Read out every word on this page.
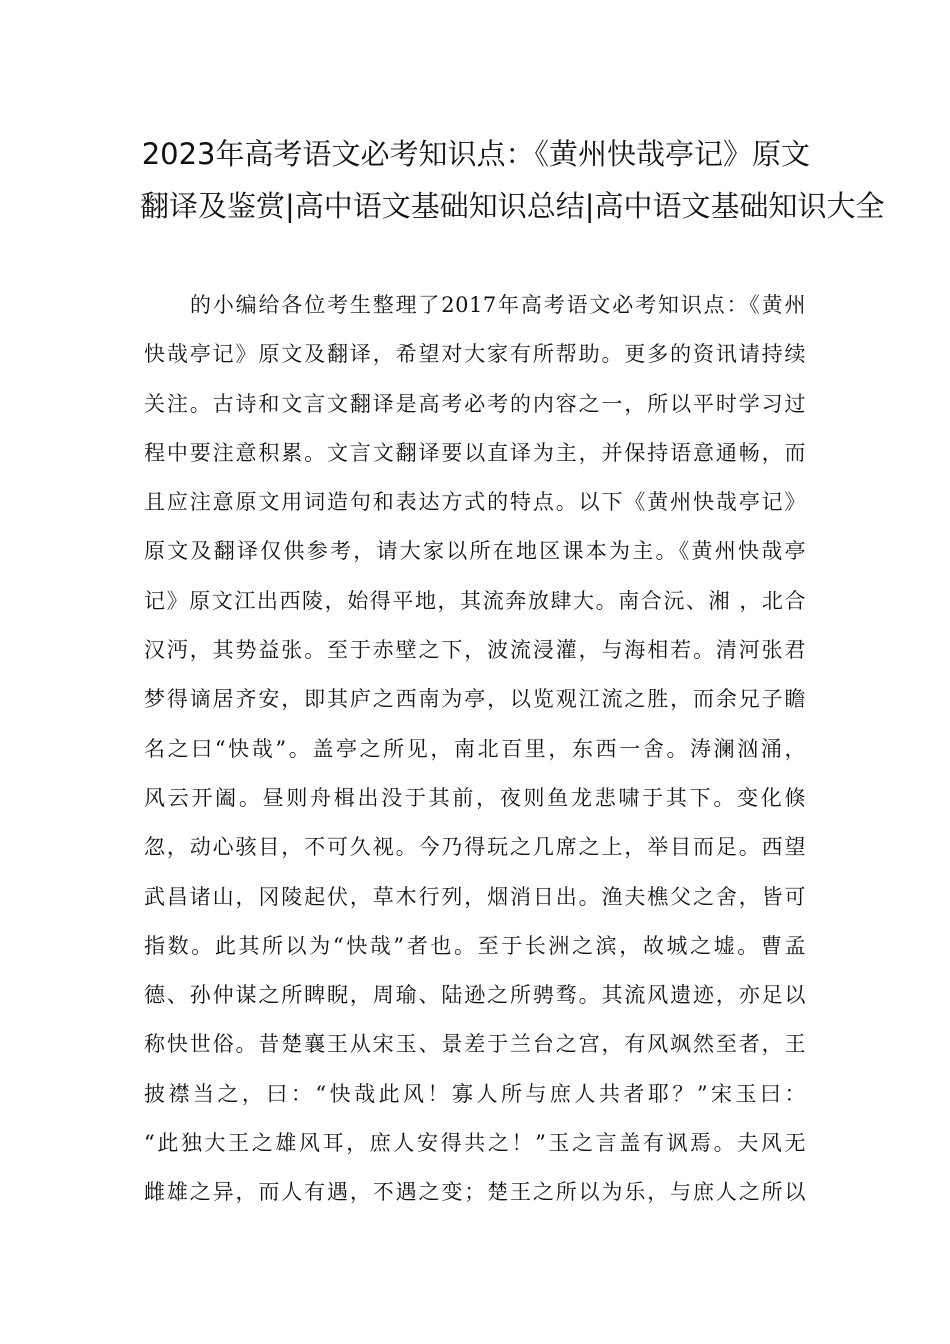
2023年高考语文必考知识点：《黄州快哉亭记》原文
翻译及鉴赏|高中语文基础知识总结|高中语文基础知识大全
的小编给各位考生整理了2017年高考语文必考知识点：《黄州
快哉亭记》原文及翻译，希望对大家有所帮助。更多的资讯请持续
关注。古诗和文言文翻译是高考必考的内容之一，所以平时学习过
程中要注意积累。文言文翻译要以直译为主，并保持语意通畅，而
且应注意原文用词造句和表达方式的特点。以下《黄州快哉亭记》
原文及翻译仅供参考，请大家以所在地区课本为主。《黄州快哉亭
记》原文江出西陵，始得平地，其流奔放肆大。南合沅、湘 ，北合
汉沔，其势益张。至于赤壁之下，波流浸灌，与海相若。清河张君
梦得谪居齐安，即其庐之西南为亭，以览观江流之胜，而余兄子瞻
名之曰“快哉”。盖亭之所见，南北百里，东西一舍。涛澜汹涌，
风云开阖。昼则舟楫出没于其前，夜则鱼龙悲啸于其下。变化倏
忽，动心骇目，不可久视。今乃得玩之几席之上，举目而足。西望
武昌诸山，冈陵起伏，草木行列，烟消日出。渔夫樵父之舍，皆可
指数。此其所以为“快哉”者也。至于长洲之滨，故城之墟。曹孟
德、孙仲谋之所睥睨，周瑜、陆逊之所骋骛。其流风遗迹，亦足以
称快世俗。昔楚襄王从宋玉、景差于兰台之宫，有风飒然至者，王
披襟当之，曰：“快哉此风！寡人所与庶人共者耶？”宋玉曰：
“此独大王之雄风耳，庶人安得共之！”玉之言盖有讽焉。夫风无
雌雄之异，而人有遇，不遇之变；楚王之所以为乐，与庶人之所以
